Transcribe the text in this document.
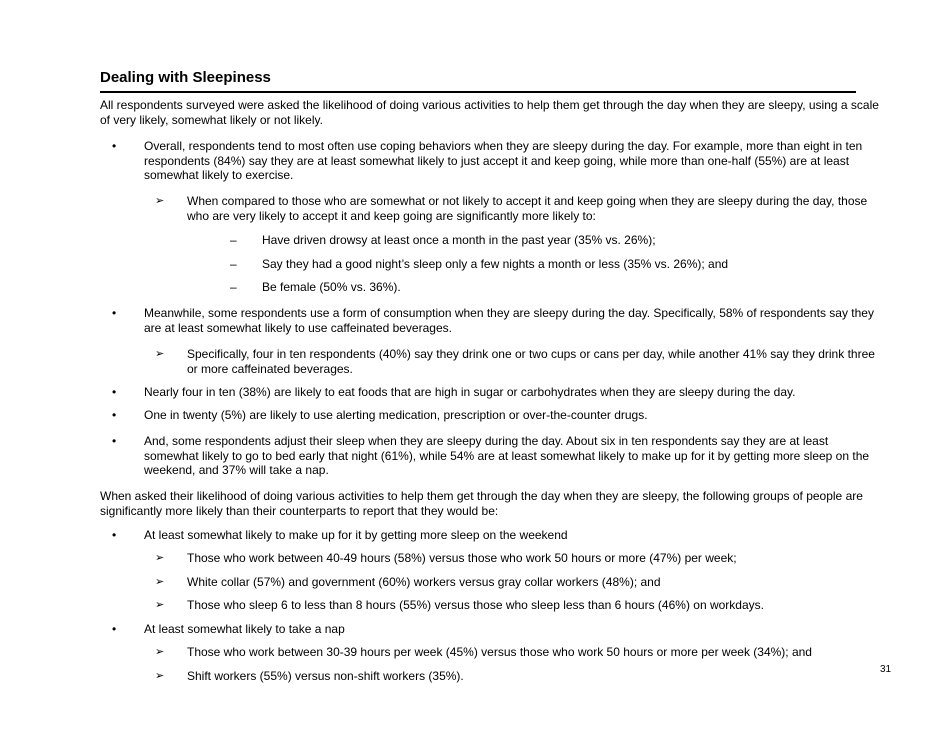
Dealing with Sleepiness
All respondents surveyed were asked the likelihood of doing various activities to help them get through the day when they are sleepy, using a scale of very likely, somewhat likely or not likely.
•	Overall, respondents tend to most often use coping behaviors when they are sleepy during the day. For example, more than eight in ten respondents (84%) say they are at least somewhat likely to just accept it and keep going, while more than one-half (55%) are at least somewhat likely to exercise.
➢	When compared to those who are somewhat or not likely to accept it and keep going when they are sleepy during the day, those who are very likely to accept it and keep going are significantly more likely to:
– Have driven drowsy at least once a month in the past year (35% vs. 26%);
– Say they had a good night’s sleep only a few nights a month or less (35% vs. 26%); and
– Be female (50% vs. 36%).
•	Meanwhile, some respondents use a form of consumption when they are sleepy during the day. Specifically, 58% of respondents say they are at least somewhat likely to use caffeinated beverages.
➢	Specifically, four in ten respondents (40%) say they drink one or two cups or cans per day, while another 41% say they drink three or more caffeinated beverages.
•	Nearly four in ten (38%) are likely to eat foods that are high in sugar or carbohydrates when they are sleepy during the day.
•	One in twenty (5%) are likely to use alerting medication, prescription or over-the-counter drugs.
•	And, some respondents adjust their sleep when they are sleepy during the day. About six in ten respondents say they are at least somewhat likely to go to bed early that night (61%), while 54% are at least somewhat likely to make up for it by getting more sleep on the weekend, and 37% will take a nap.
When asked their likelihood of doing various activities to help them get through the day when they are sleepy, the following groups of people are significantly more likely than their counterparts to report that they would be:
•	At least somewhat likely to make up for it by getting more sleep on the weekend
➢	Those who work between 40-49 hours (58%) versus those who work 50 hours or more (47%) per week;
➢	White collar (57%) and government (60%) workers versus gray collar workers (48%); and
➢	Those who sleep 6 to less than 8 hours (55%) versus those who sleep less than 6 hours (46%) on workdays.
•	At least somewhat likely to take a nap
➢	Those who work between 30-39 hours per week (45%) versus those who work 50 hours or more per week (34%); and
➢	Shift workers (55%) versus non-shift workers (35%).	31
